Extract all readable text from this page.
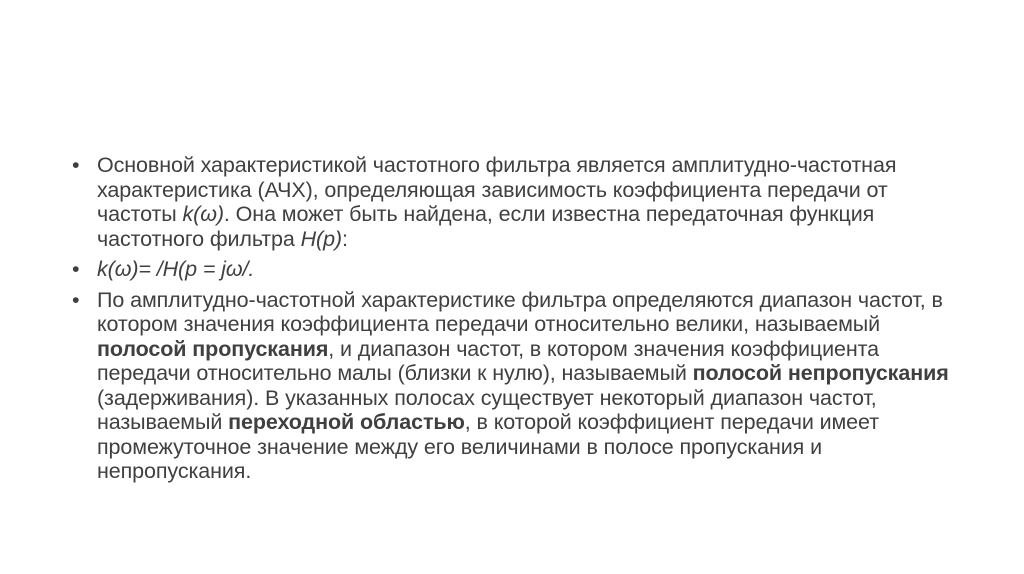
• Основной характеристикой частотного фильтра является амплитудно-частотная характеристика (АЧХ), определяющая зависимость коэффициента передачи от частоты k(ω). Она может быть найдена, если известна передаточная функция частотного фильтра H(p):
• k(ω)= /H(p = jω/.
• По амплитудно-частотной характеристике фильтра определяются диапазон частот, в котором значения коэффициента передачи относительно велики, называемый полосой пропускания, и диапазон частот, в котором значения коэффициента передачи относительно малы (близки к нулю), называемый полосой непропускания (задерживания). В указанных полосах существует некоторый диапазон частот, называемый переходной областью, в которой коэффициент передачи имеет промежуточное значение между его величинами в полосе пропускания и непропускания.
